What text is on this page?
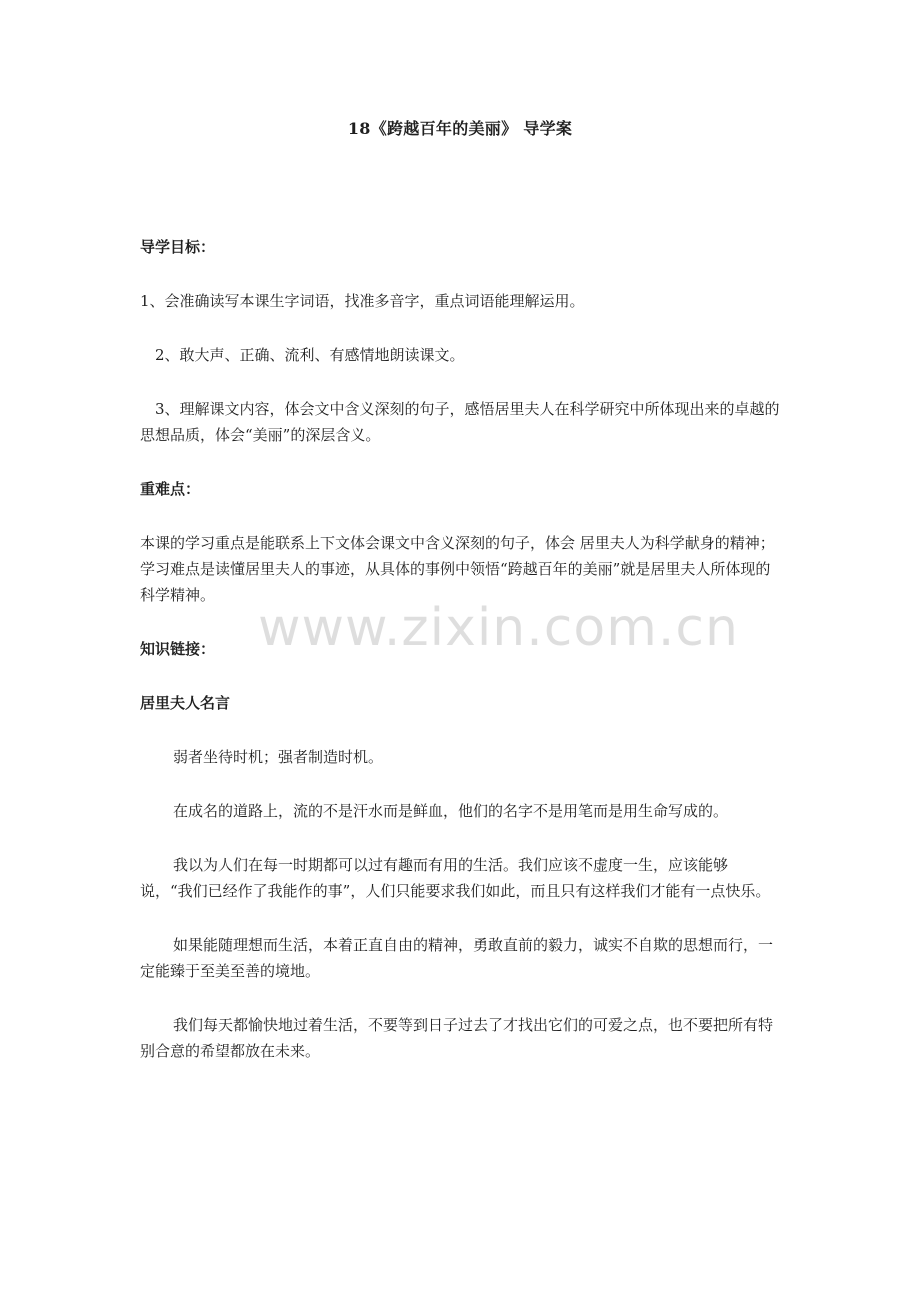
18《跨越百年的美丽》 导学案

导学目标：

1、会准确读写本课生字词语，找准多音字，重点词语能理解运用。

2、敢大声、正确、流利、有感情地朗读课文。

3、理解课文内容，体会文中含义深刻的句子，感悟居里夫人在科学研究中所体现出来的卓越的思想品质，体会“美丽”的深层含义。

重难点：

本课的学习重点是能联系上下文体会课文中含义深刻的句子，体会 居里夫人为科学献身的精神；学习难点是读懂居里夫人的事迹，从具体的事例中领悟“跨越百年的美丽”就是居里夫人所体现的科学精神。

知识链接：

居里夫人名言

弱者坐待时机；强者制造时机。

在成名的道路上，流的不是汗水而是鲜血，他们的名字不是用笔而是用生命写成的。

我以为人们在每一时期都可以过有趣而有用的生活。我们应该不虚度一生，应该能够说，“我们已经作了我能作的事”，人们只能要求我们如此，而且只有这样我们才能有一点快乐。

如果能随理想而生活，本着正直自由的精神，勇敢直前的毅力，诚实不自欺的思想而行，一定能臻于至美至善的境地。

我们每天都愉快地过着生活，不要等到日子过去了才找出它们的可爱之点，也不要把所有特别合意的希望都放在未来。

www.zixin.com.cn
